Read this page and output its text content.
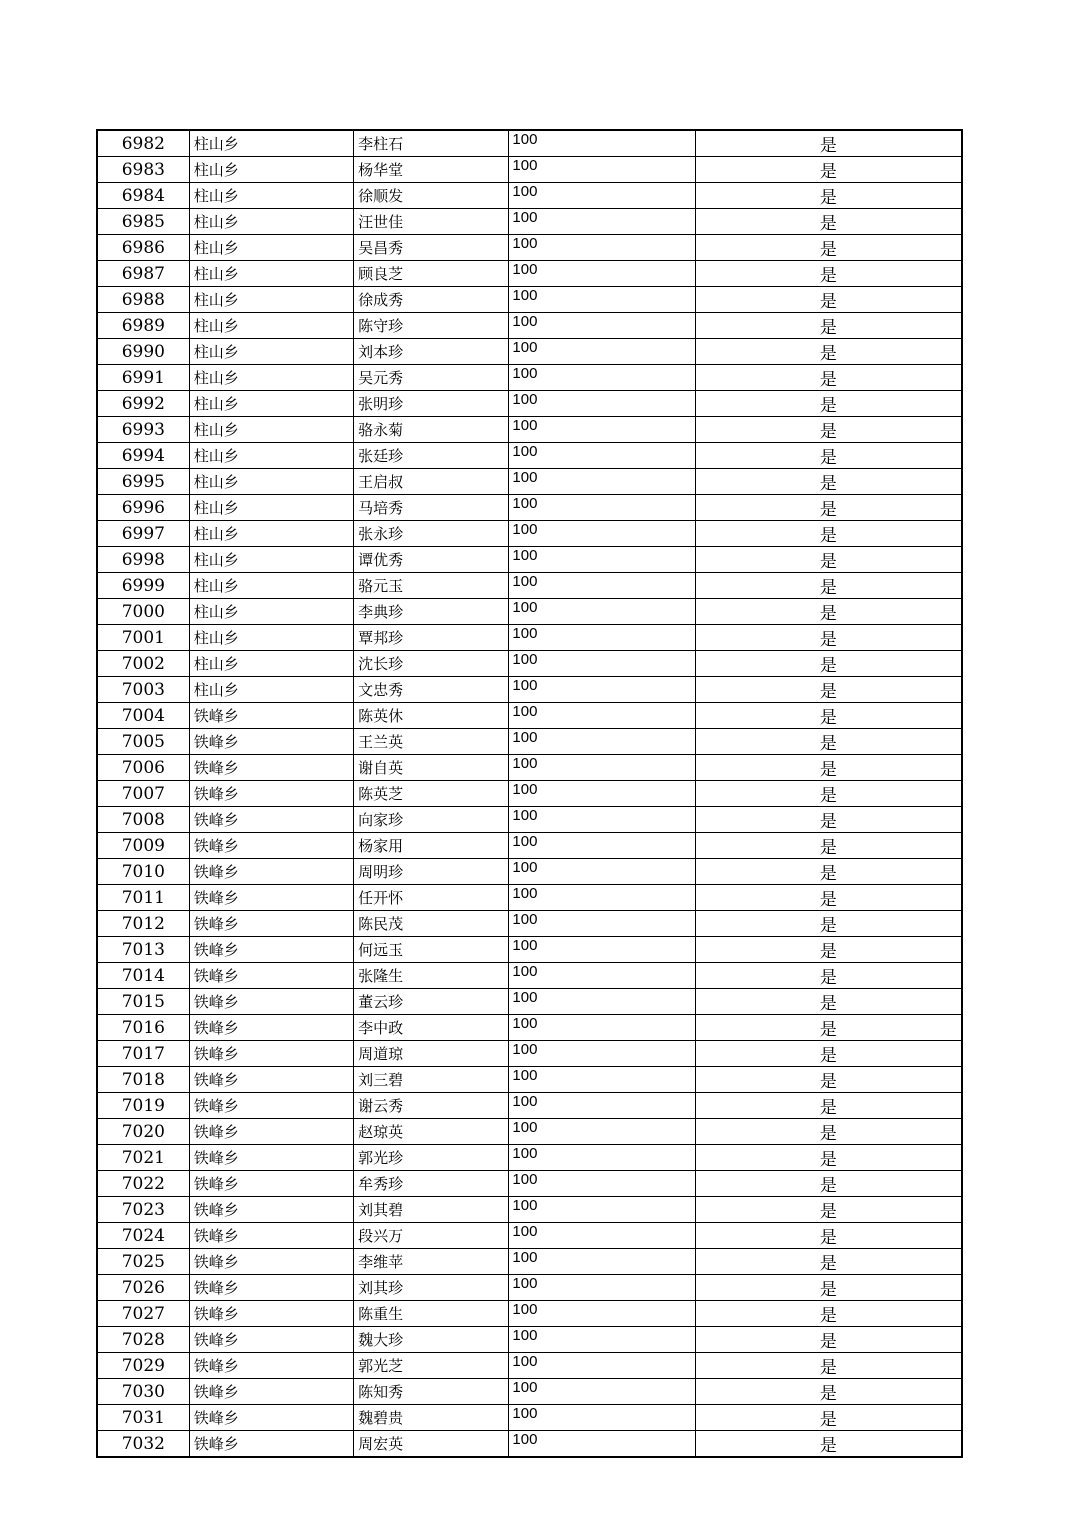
6982	柱山乡	李柱石	100	是
6983	柱山乡	杨华堂	100	是
6984	柱山乡	徐顺发	100	是
6985	柱山乡	汪世佳	100	是
6986	柱山乡	吴昌秀	100	是
6987	柱山乡	顾良芝	100	是
6988	柱山乡	徐成秀	100	是
6989	柱山乡	陈守珍	100	是
6990	柱山乡	刘本珍	100	是
6991	柱山乡	吴元秀	100	是
6992	柱山乡	张明珍	100	是
6993	柱山乡	骆永菊	100	是
6994	柱山乡	张廷珍	100	是
6995	柱山乡	王启叔	100	是
6996	柱山乡	马培秀	100	是
6997	柱山乡	张永珍	100	是
6998	柱山乡	谭优秀	100	是
6999	柱山乡	骆元玉	100	是
7000	柱山乡	李典珍	100	是
7001	柱山乡	覃邦珍	100	是
7002	柱山乡	沈长珍	100	是
7003	柱山乡	文忠秀	100	是
7004	铁峰乡	陈英休	100	是
7005	铁峰乡	王兰英	100	是
7006	铁峰乡	谢自英	100	是
7007	铁峰乡	陈英芝	100	是
7008	铁峰乡	向家珍	100	是
7009	铁峰乡	杨家用	100	是
7010	铁峰乡	周明珍	100	是
7011	铁峰乡	任开怀	100	是
7012	铁峰乡	陈民茂	100	是
7013	铁峰乡	何远玉	100	是
7014	铁峰乡	张隆生	100	是
7015	铁峰乡	董云珍	100	是
7016	铁峰乡	李中政	100	是
7017	铁峰乡	周道琼	100	是
7018	铁峰乡	刘三碧	100	是
7019	铁峰乡	谢云秀	100	是
7020	铁峰乡	赵琼英	100	是
7021	铁峰乡	郭光珍	100	是
7022	铁峰乡	牟秀珍	100	是
7023	铁峰乡	刘其碧	100	是
7024	铁峰乡	段兴万	100	是
7025	铁峰乡	李维苹	100	是
7026	铁峰乡	刘其珍	100	是
7027	铁峰乡	陈重生	100	是
7028	铁峰乡	魏大珍	100	是
7029	铁峰乡	郭光芝	100	是
7030	铁峰乡	陈知秀	100	是
7031	铁峰乡	魏碧贵	100	是
7032	铁峰乡	周宏英	100	是
